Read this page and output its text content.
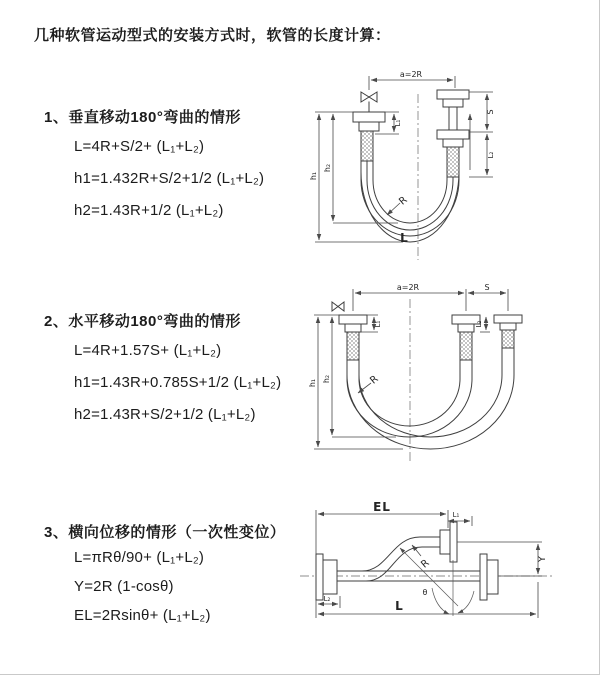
几种软管运动型式的安装方式时，软管的长度计算：
1、垂直移动180°弯曲的情形
L=4R+S/2+ (L₁+L₂)
h1=1.432R+S/2+1/2 (L₁+L₂)
h2=1.43R+1/2 (L₁+L₂)
2、水平移动180°弯曲的情形
L=4R+1.57S+ (L₁+L₂)
h1=1.43R+0.785S+1/2 (L₁+L₂)
h2=1.43R+S/2+1/2 (L₁+L₂)
3、横向位移的情形（一次性变位）
L=πRθ/90+ (L₁+L₂)
Y=2R (1-cosθ)
EL=2Rsinθ+ (L₁+L₂)
a=2R
h₁
h₂
L₁
S
L₂
R
L
a=2R	S
h₁ h₂
L₁	L₂
R
EL
L₁
Y
L
L₂
θ
R
